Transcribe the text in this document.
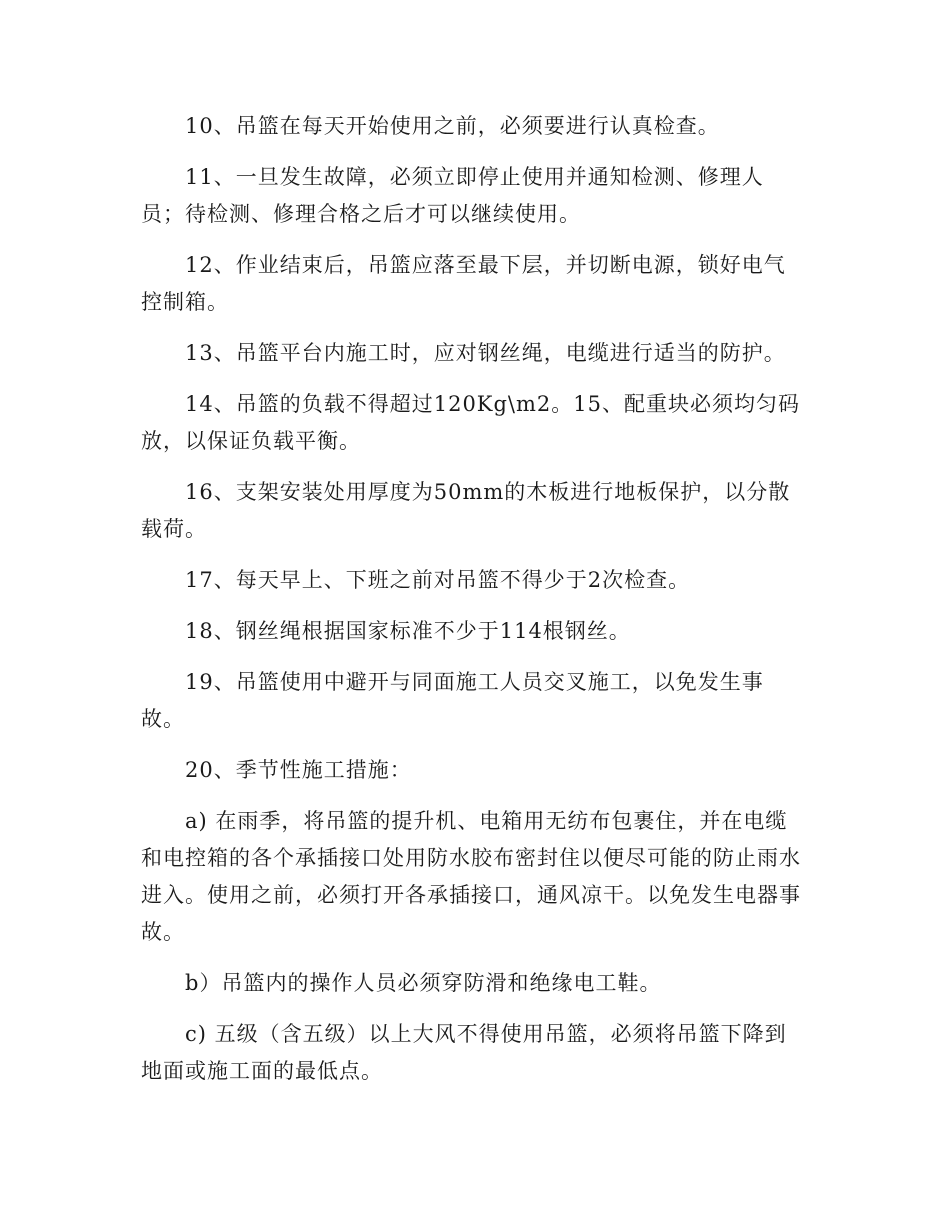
10、吊篮在每天开始使用之前，必须要进行认真检查。

11、一旦发生故障，必须立即停止使用并通知检测、修理人员；待检测、修理合格之后才可以继续使用。

12、作业结束后，吊篮应落至最下层，并切断电源，锁好电气控制箱。

13、吊篮平台内施工时，应对钢丝绳，电缆进行适当的防护。

14、吊篮的负载不得超过120Kg\m2。15、配重块必须均匀码放，以保证负载平衡。

16、支架安装处用厚度为50mm的木板进行地板保护，以分散载荷。

17、每天早上、下班之前对吊篮不得少于2次检查。

18、钢丝绳根据国家标准不少于114根钢丝。

19、吊篮使用中避开与同面施工人员交叉施工，以免发生事故。

20、季节性施工措施：

a) 在雨季，将吊篮的提升机、电箱用无纺布包裹住，并在电缆和电控箱的各个承插接口处用防水胶布密封住以便尽可能的防止雨水进入。使用之前，必须打开各承插接口，通风凉干。以免发生电器事故。

b）吊篮内的操作人员必须穿防滑和绝缘电工鞋。

c) 五级（含五级）以上大风不得使用吊篮，必须将吊篮下降到地面或施工面的最低点。
